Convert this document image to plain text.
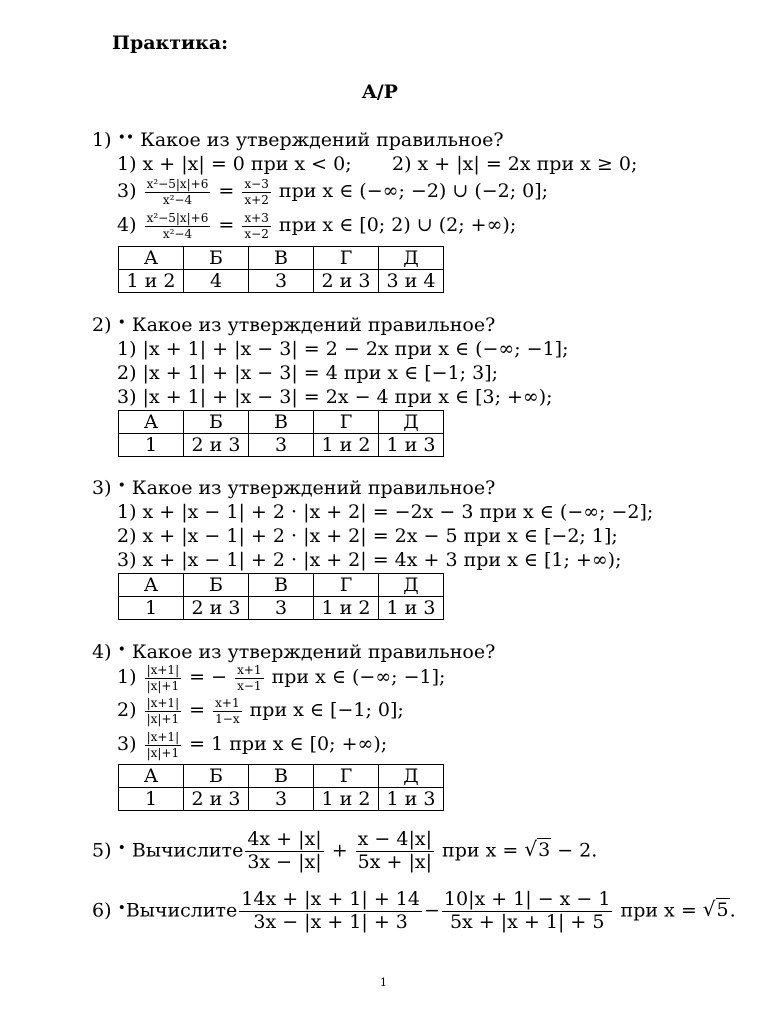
Практика:
A/P
1) •• Какое из утверждений правильное?
1) x + |x| = 0 при x < 0; 2) x + |x| = 2x при x ≥ 0;
$3) \frac{\text{x²−5|x|+6}}{\text{x²−4}} = \frac{x-3}{x+2}$ при x ∈ (−∞; −2) ∪ (−2; 0];
$4) \frac{\text{x²−5|x|+6}}{\text{x²−4}} = \frac{x+3}{x-2}$ при x ∈ [0; 2) ∪ (2; +∞);
А	Б	В	Г	Д
1 и 2	4	3	2 и 3	3 и 4
2) • Какое из утверждений правильное?
1) |x + 1| + |x − 3| = 2 − 2x при x ∈ (−∞; −1];
2) |x + 1| + |x − 3| = 4 при x ∈ [−1; 3];
3) |x + 1| + |x − 3| = 2x − 4 при x ∈ [3; +∞);
А	Б	В	Г	Д
1	2 и 3	3	1 и 2	1 и 3
3) • Какое из утверждений правильное?
1) x + |x − 1| + 2 · |x + 2| = −2x − 3 при x ∈ (−∞; −2];
2) x + |x − 1| + 2 · |x + 2| = 2x − 5 при x ∈ [−2; 1];
3) x + |x − 1| + 2 · |x + 2| = 4x + 3 при x ∈ [1; +∞);
А	Б	В	Г	Д
1	2 и 3	3	1 и 2	1 и 3
4) • Какое из утверждений правильное?
$1) \frac{|x+1|}{|x|+1}$ = − $\frac{x+1}{x-1}$ при x ∈ (−∞; −1];
$2) \frac{|x+1|}{|x|+1} = \frac{x+1}{1-x}$ при x ∈ [−1; 0];
$3) \frac{|x+1|}{|x|+1} = 1$ при x ∈ [0; +∞);
А	Б	В	Г	Д
1	2 и 3	3	1 и 2	1 и 3
5) • Вычислите $\frac{4x + |x|}{3x - |x|} + \frac{x - 4|x|}{5x + |x|}$ при x = √3 − 2.
6) •Вычислите $\frac{14x + |x + 1| + 14}{3x - |x + 1| + 3} - \frac{10|x + 1| - x - 1}{5x + |x + 1| + 5}$ при x = √5.
1
